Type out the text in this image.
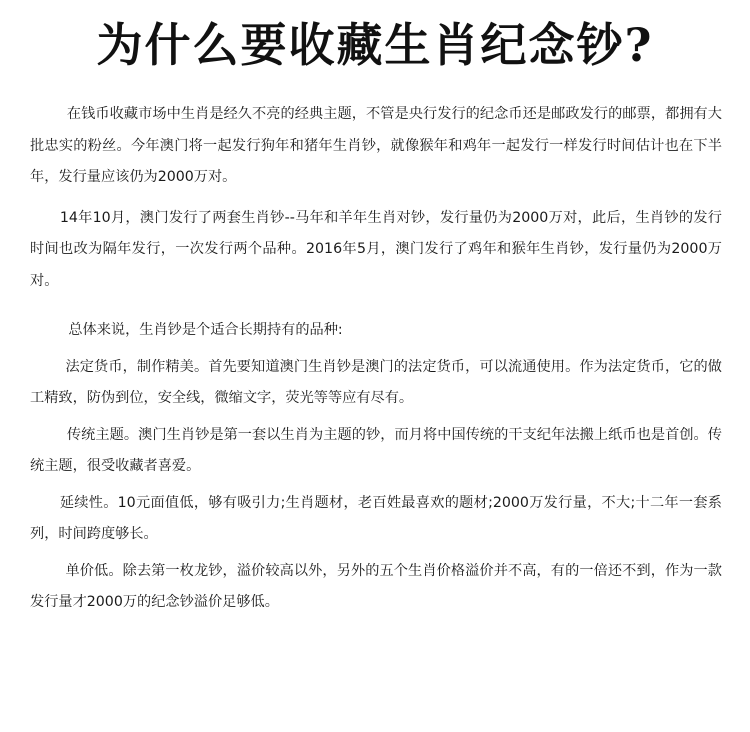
为什么要收藏生肖纪念钞?

在钱币收藏市场中生肖是经久不亮的经典主题，不管是央行发行的纪念币还是邮政发行的邮票，都拥有大批忠实的粉丝。今年澳门将一起发行狗年和猪年生肖钞，就像猴年和鸡年一起发行一样发行时间估计也在下半年，发行量应该仍为2000万对。

14年10月，澳门发行了两套生肖钞--马年和羊年生肖对钞，发行量仍为2000万对，此后，生肖钞的发行时间也改为隔年发行，一次发行两个品种。2016年5月，澳门发行了鸡年和猴年生肖钞，发行量仍为2000万对。

总体来说，生肖钞是个适合长期持有的品种:

法定货币，制作精美。首先要知道澳门生肖钞是澳门的法定货币，可以流通使用。作为法定货币，它的做工精致，防伪到位，安全线，微缩文字，荧光等等应有尽有。

传统主题。澳门生肖钞是第一套以生肖为主题的钞，而月将中国传统的干支纪年法搬上纸币也是首创。传统主题，很受收藏者喜爱。

延续性。10元面值低，够有吸引力;生肖题材，老百姓最喜欢的题材;2000万发行量，不大;十二年一套系列，时间跨度够长。

单价低。除去第一枚龙钞，溢价较高以外，另外的五个生肖价格溢价并不高，有的一倍还不到，作为一款发行量才2000万的纪念钞溢价足够低。
